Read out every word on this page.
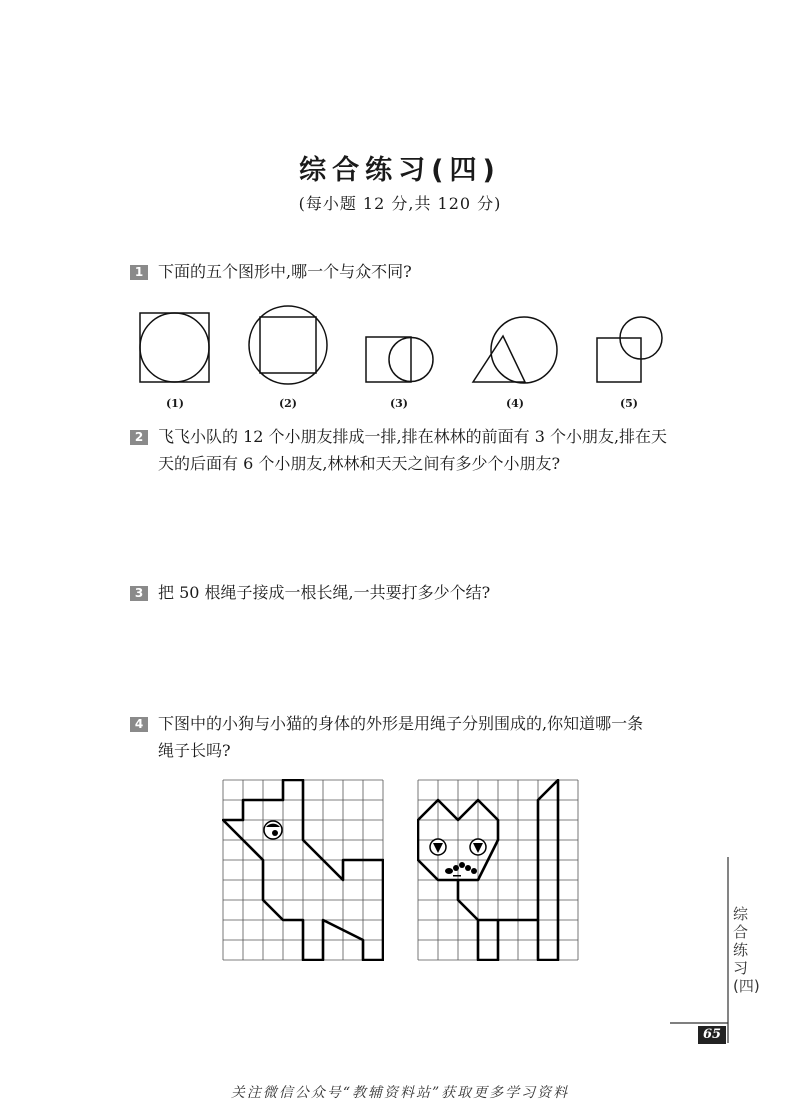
综合练习(四)
(每小题 12 分,共 120 分)
1 下面的五个图形中,哪一个与众不同?
(1)	(2)	(3)	(4)	(5)
2 飞飞小队的 12 个小朋友排成一排,排在林林的前面有 3 个小朋友,排在天
天的后面有 6 个小朋友,林林和天天之间有多少个小朋友?
3 把 50 根绳子接成一根长绳,一共要打多少个结?
4 下图中的小狗与小猫的身体的外形是用绳子分别围成的,你知道哪一条
绳子长吗?
综合练习(四)
65
关注微信公众号“教辅资料站”获取更多学习资料
